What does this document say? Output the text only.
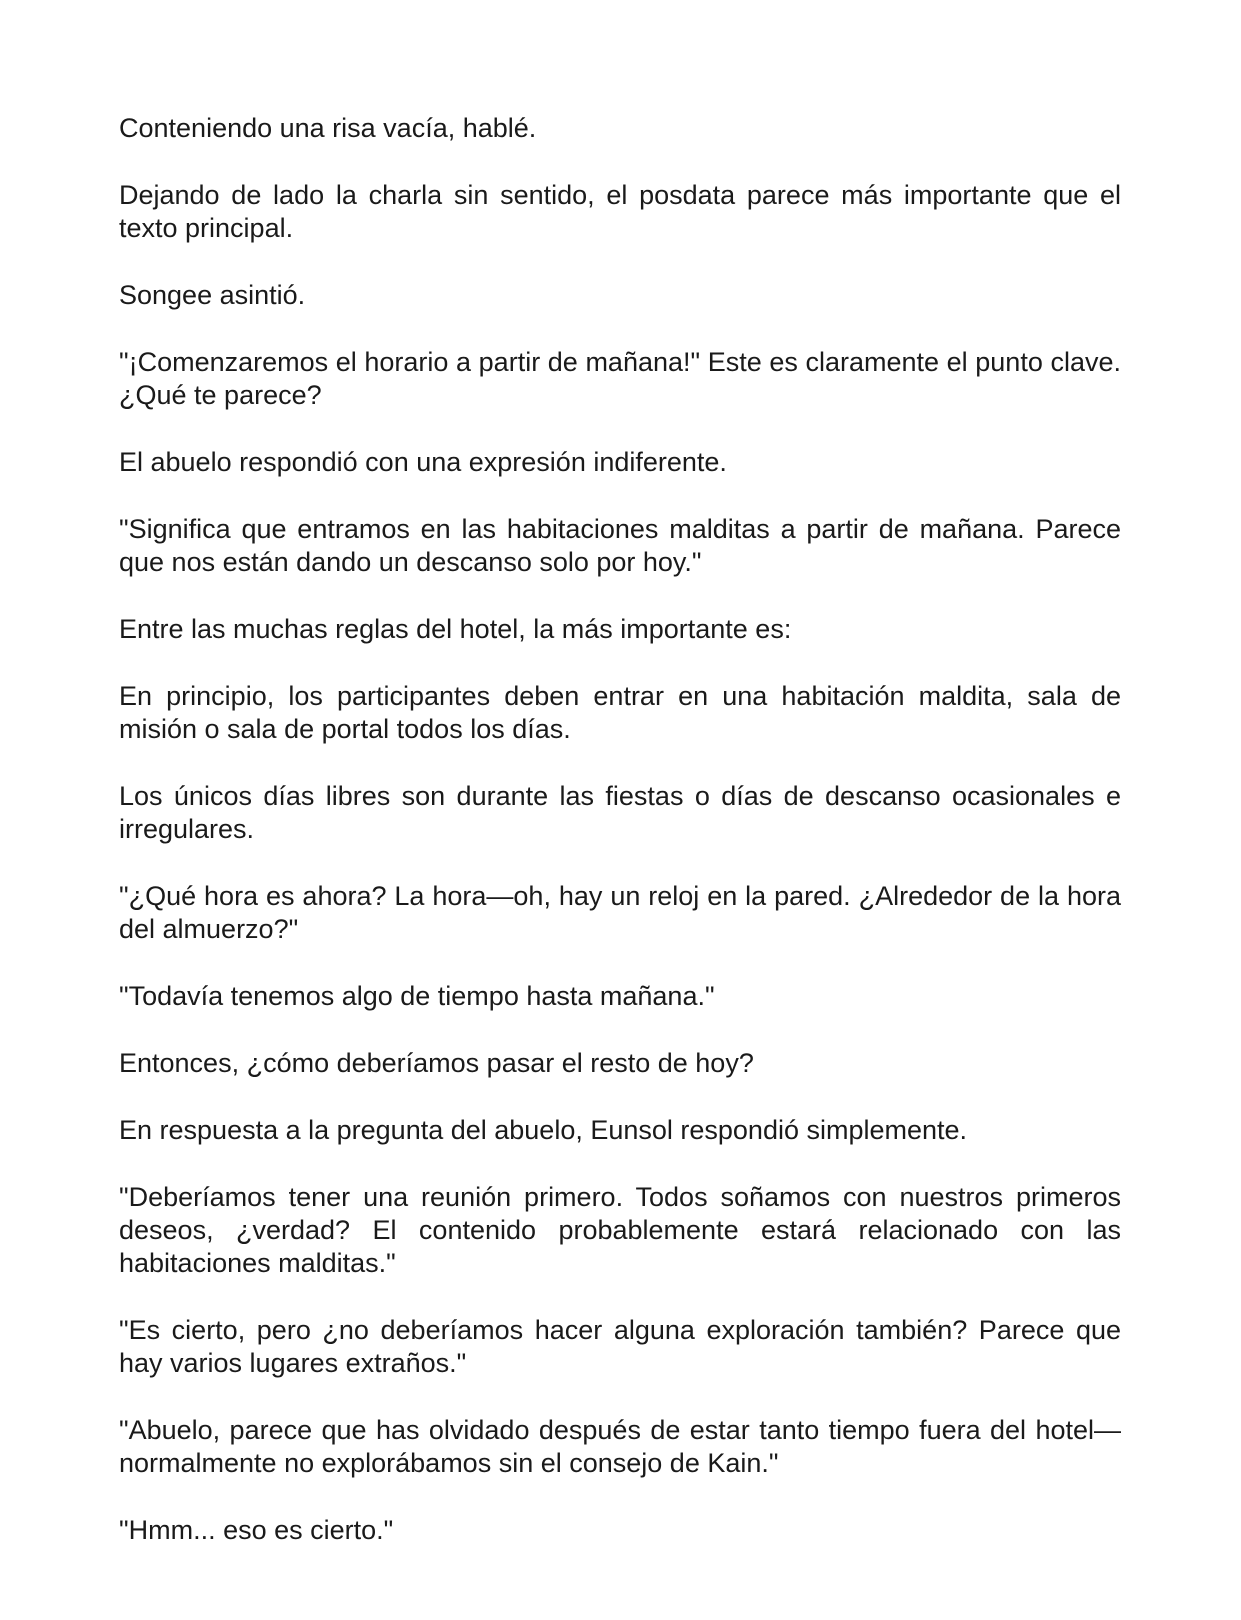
Conteniendo una risa vacía, hablé.

Dejando de lado la charla sin sentido, el posdata parece más importante que el texto principal.

Songee asintió.

"¡Comenzaremos el horario a partir de mañana!" Este es claramente el punto clave. ¿Qué te parece?

El abuelo respondió con una expresión indiferente.

"Significa que entramos en las habitaciones malditas a partir de mañana. Parece que nos están dando un descanso solo por hoy."

Entre las muchas reglas del hotel, la más importante es:

En principio, los participantes deben entrar en una habitación maldita, sala de misión o sala de portal todos los días.

Los únicos días libres son durante las fiestas o días de descanso ocasionales e irregulares.

"¿Qué hora es ahora? La hora—oh, hay un reloj en la pared. ¿Alrededor de la hora del almuerzo?"

"Todavía tenemos algo de tiempo hasta mañana."

Entonces, ¿cómo deberíamos pasar el resto de hoy?

En respuesta a la pregunta del abuelo, Eunsol respondió simplemente.

"Deberíamos tener una reunión primero. Todos soñamos con nuestros primeros deseos, ¿verdad? El contenido probablemente estará relacionado con las habitaciones malditas."

"Es cierto, pero ¿no deberíamos hacer alguna exploración también? Parece que hay varios lugares extraños."

"Abuelo, parece que has olvidado después de estar tanto tiempo fuera del hotel—normalmente no explorábamos sin el consejo de Kain."

"Hmm... eso es cierto."
